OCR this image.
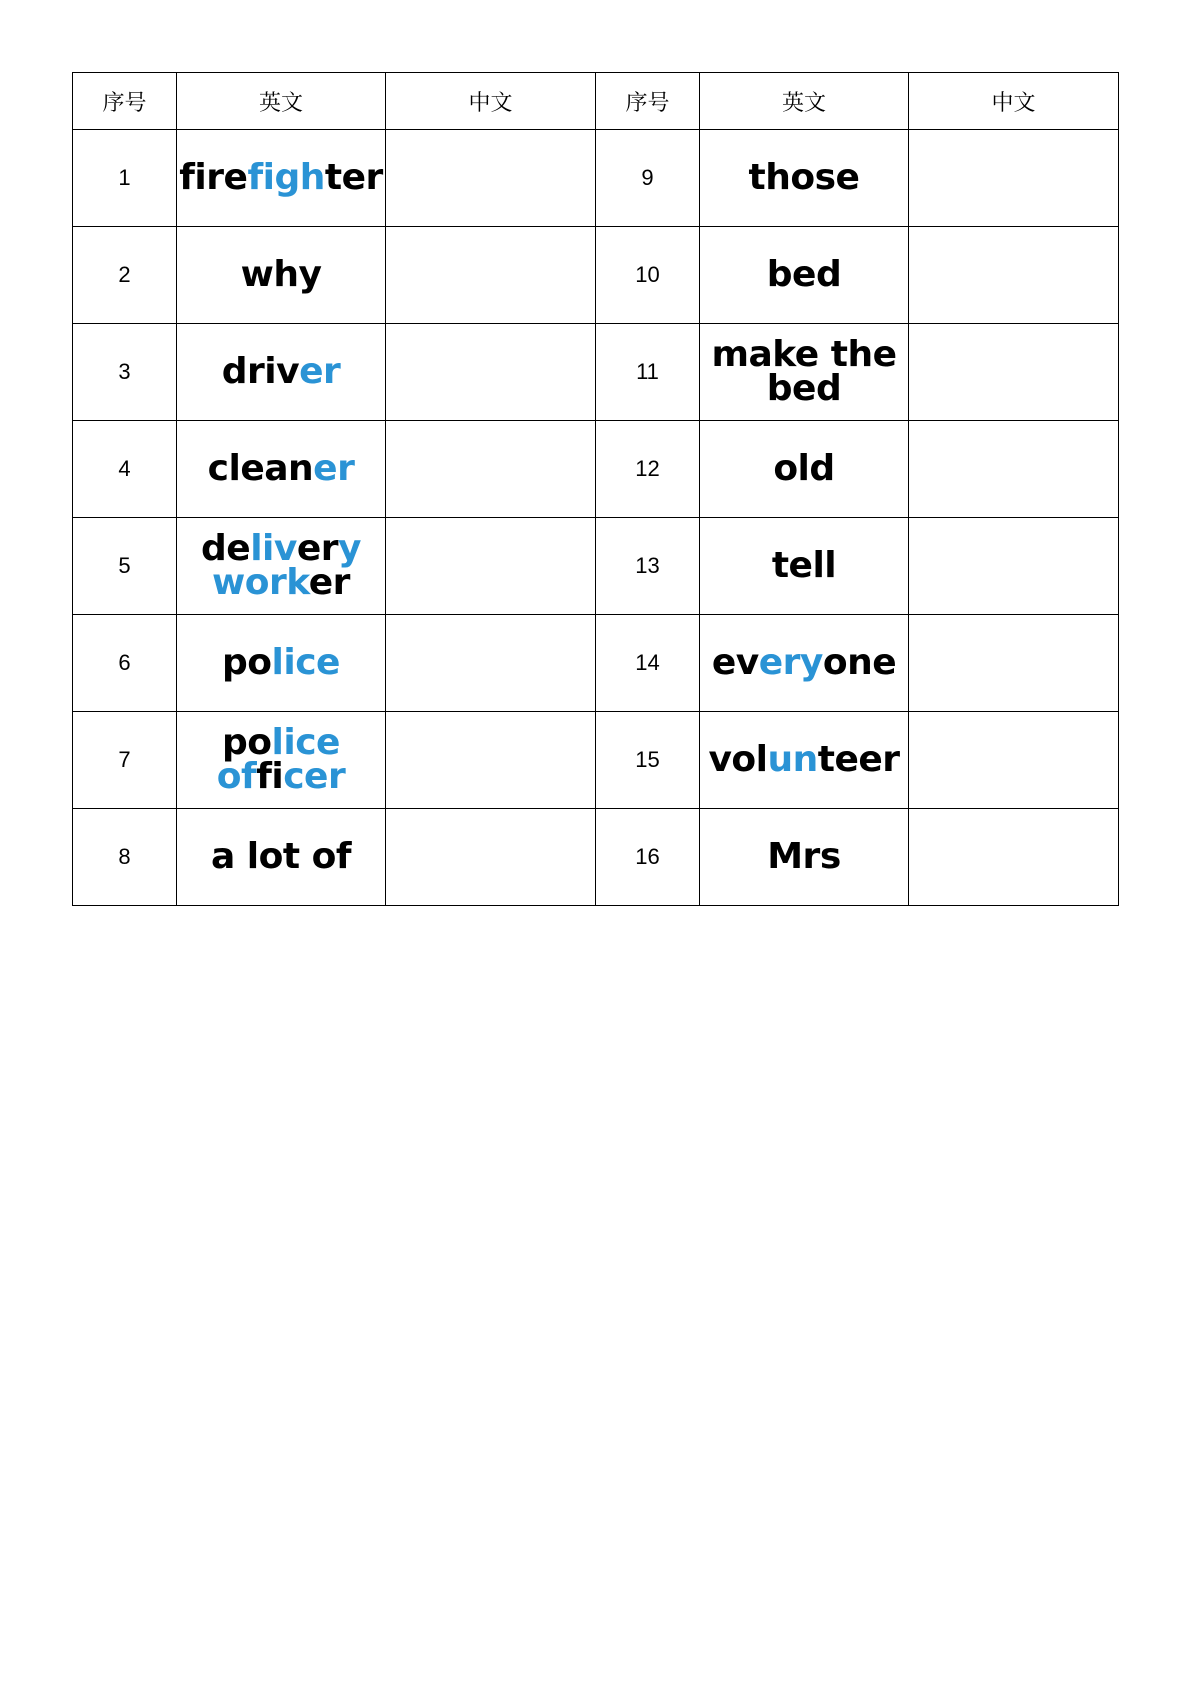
序号	英文	中文	序号	英文	中文
1	firefighter		9	those	
2	why		10	bed	
3	driver		11	make the bed	
4	cleaner		12	old	
5	delivery worker		13	tell	
6	police		14	everyone	
7	police officer		15	volunteer	
8	a lot of		16	Mrs	
